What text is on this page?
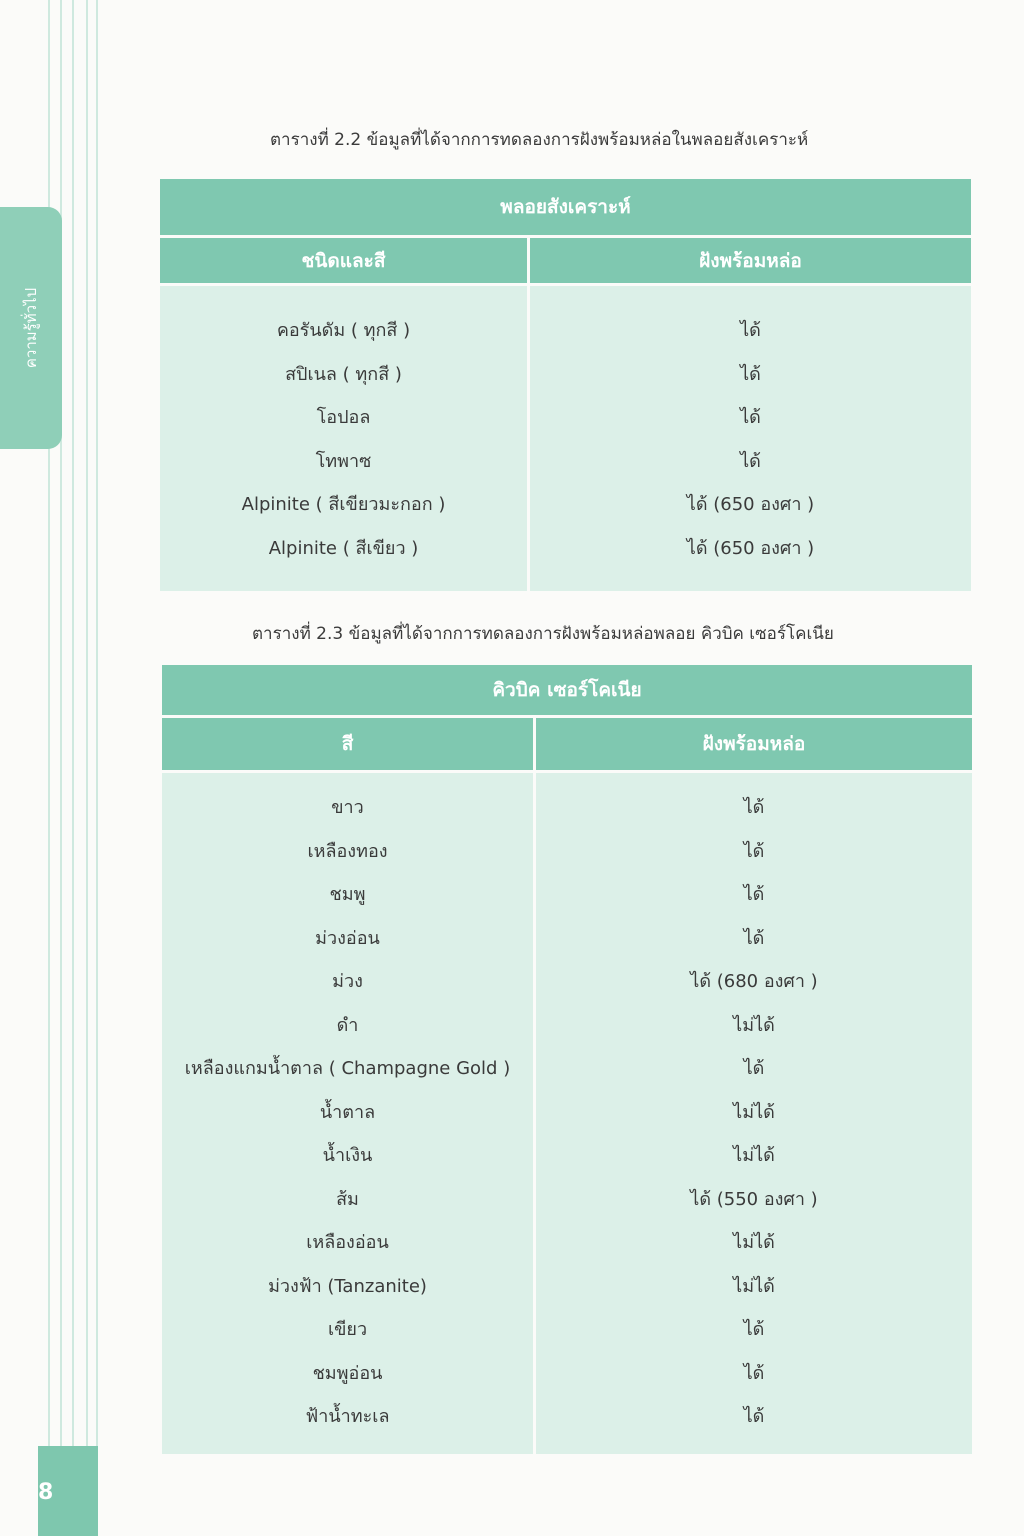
ความรู้ทั่วไป
8
ตารางที่ 2.2 ข้อมูลที่ได้จากการทดลองการฝังพร้อมหล่อในพลอยสังเคราะห์
พลอยสังเคราะห์	
ชนิดและสี	ฝังพร้อมหล่อ

คอรันดัม ( ทุกสี )	ได้
สปิเนล ( ทุกสี )	ได้
โอปอล	ได้
โทพาซ	ได้
Alpinite ( สีเขียวมะกอก )	ได้ (650 องศา )
Alpinite ( สีเขียว )	ได้ (650 องศา )

ตารางที่ 2.3 ข้อมูลที่ได้จากการทดลองการฝังพร้อมหล่อพลอย คิวบิค เซอร์โคเนีย
คิวบิค เซอร์โคเนีย	
สี	ฝังพร้อมหล่อ

ขาว	ได้
เหลืองทอง	ได้
ชมพู	ได้
ม่วงอ่อน	ได้
ม่วง	ได้ (680 องศา )
ดำ	ไม่ได้
เหลืองแกมน้ำตาล ( Champagne Gold )	ได้
น้ำตาล	ไม่ได้
น้ำเงิน	ไม่ได้
ส้ม	ได้ (550 องศา )
เหลืองอ่อน	ไม่ได้
ม่วงฟ้า (Tanzanite)	ไม่ได้
เขียว	ได้
ชมพูอ่อน	ได้
ฟ้าน้ำทะเล	ได้
